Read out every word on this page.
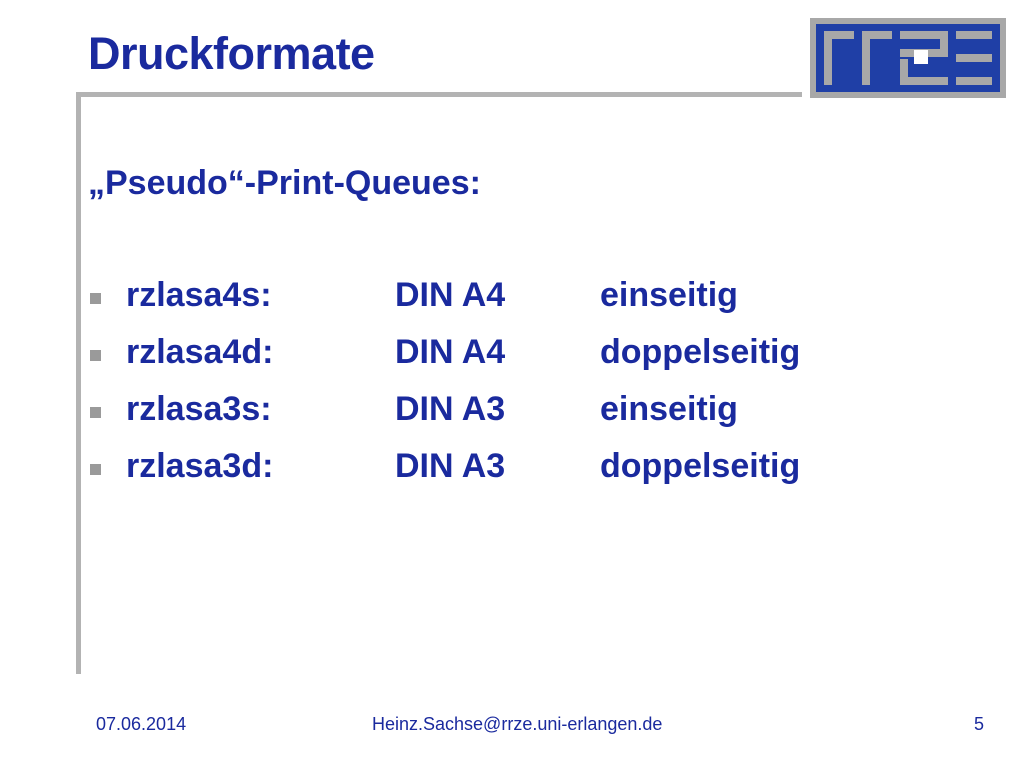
Druckformate
„Pseudo“-Print-Queues:
rzlasa4s:	DIN A4	einseitig
rzlasa4d:	DIN A4	doppelseitig
rzlasa3s:	DIN A3	einseitig
rzlasa3d:	DIN A3	doppelseitig
07.06.2014	Heinz.Sachse@rrze.uni-erlangen.de	5
